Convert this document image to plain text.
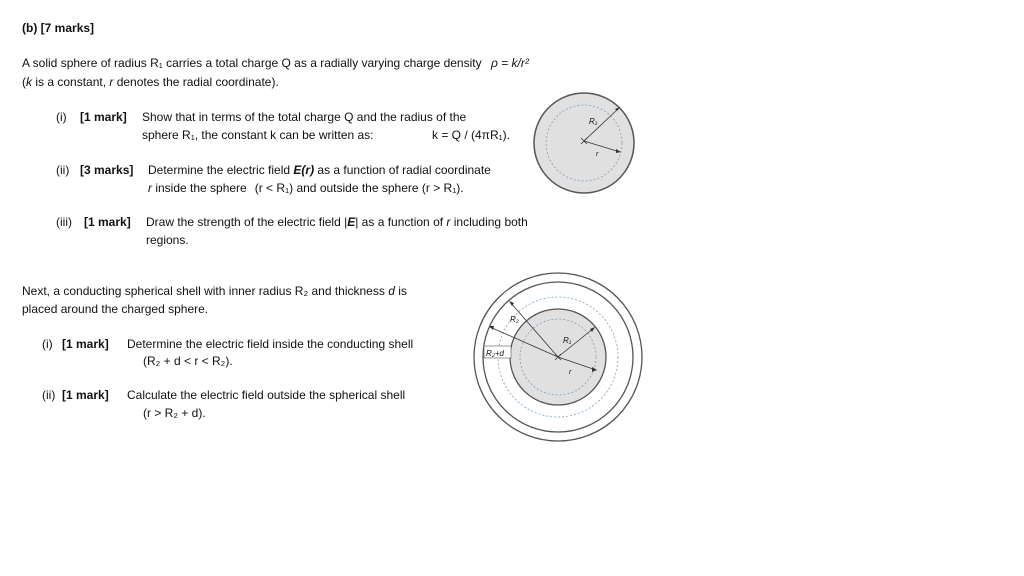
(b) [7 marks]
A solid sphere of radius R₁ carries a total charge Q as a radially varying charge density ρ = k/r²
(k is a constant, r denotes the radial coordinate).
(i) [1 mark] Show that in terms of the total charge Q and the radius of the
sphere R₁, the constant k can be written as:	k = Q / (4πR₁).
(ii) [3 marks] Determine the electric field E(r) as a function of radial coordinate
r inside the sphere (r < R₁) and outside the sphere (r > R₁).
(iii) [1 mark] Draw the strength of the electric field |E| as a function of r including both
regions.
Next, a conducting spherical shell with inner radius R₂ and thickness d is
placed around the charged sphere.
(i) [1 mark] Determine the electric field inside the conducting shell
(R₂ + d < r < R₂).
(ii) [1 mark] Calculate the electric field outside the spherical shell
(r > R₂ + d).
R₁
r
R₂
R₂+d
R₁
r
